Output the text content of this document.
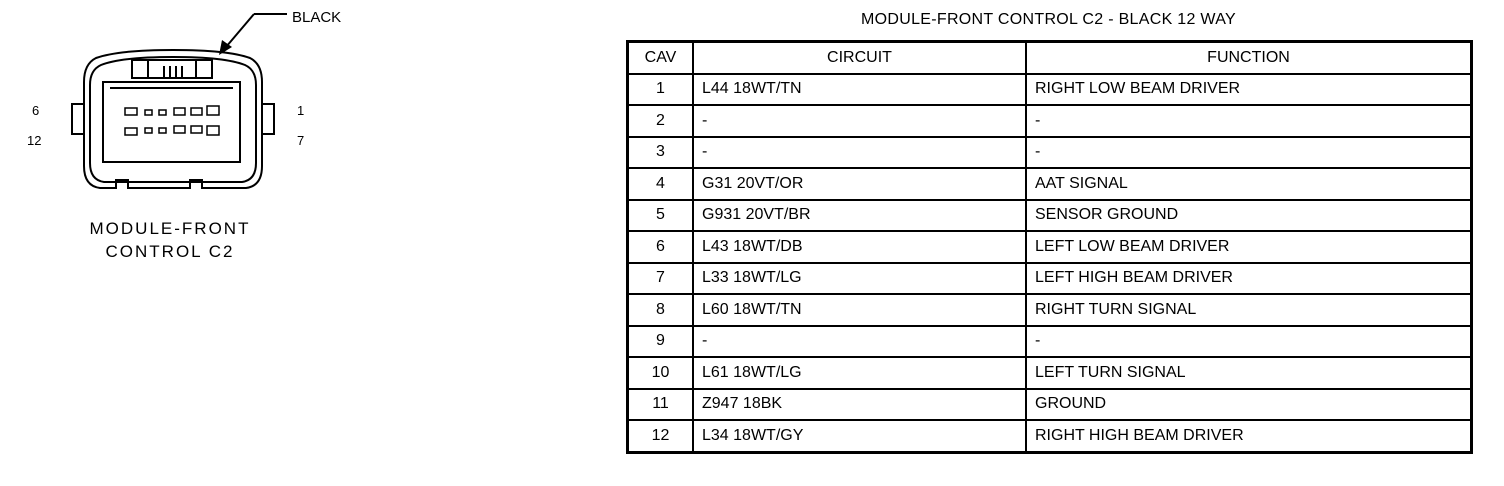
BLACK
6
12
1
7
MODULE-FRONT
CONTROL C2
MODULE-FRONT CONTROL C2 - BLACK 12 WAY
CAV	CIRCUIT	FUNCTION
1	L44 18WT/TN	RIGHT LOW BEAM DRIVER
2	-	-
3	-	-
4	G31 20VT/OR	AAT SIGNAL
5	G931 20VT/BR	SENSOR GROUND
6	L43 18WT/DB	LEFT LOW BEAM DRIVER
7	L33 18WT/LG	LEFT HIGH BEAM DRIVER
8	L60 18WT/TN	RIGHT TURN SIGNAL
9	-	-
10	L61 18WT/LG	LEFT TURN SIGNAL
11	Z947 18BK	GROUND
12	L34 18WT/GY	RIGHT HIGH BEAM DRIVER
